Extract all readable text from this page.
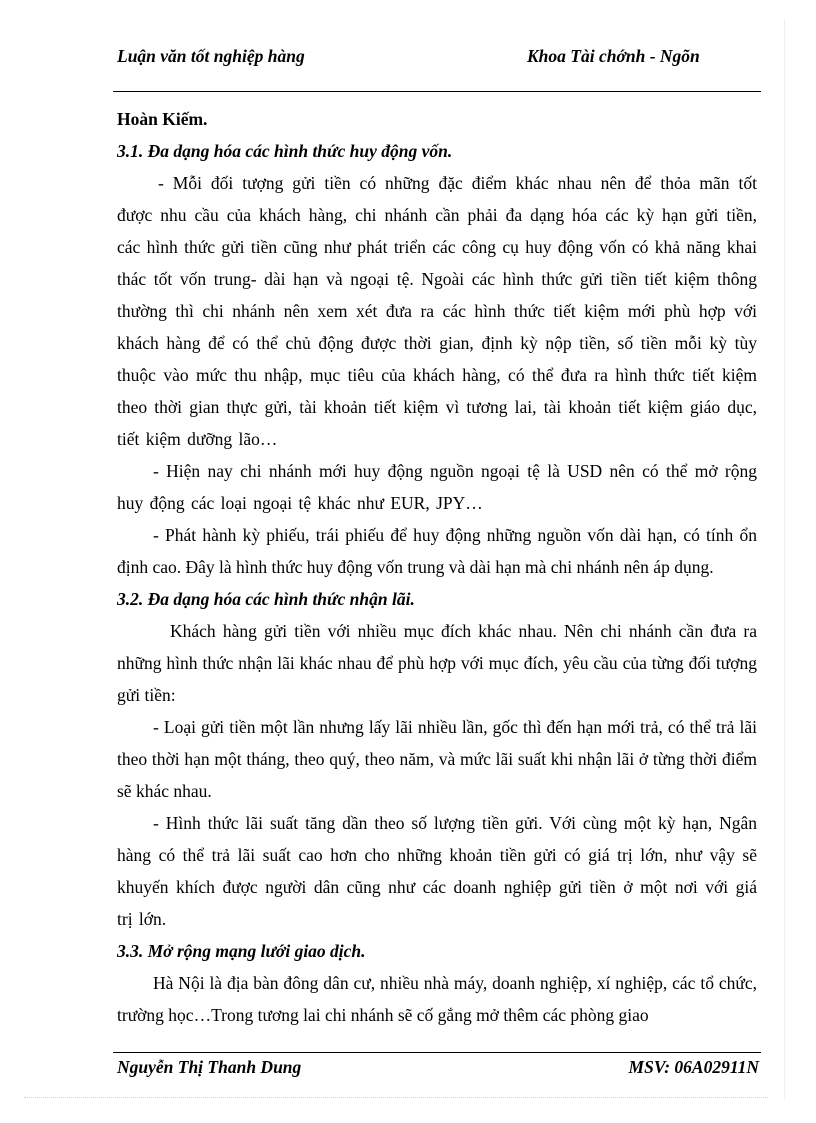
Luận văn tốt nghiệp hàng	Khoa Tài chớnh - Ngõn

Hoàn Kiếm.

3.1. Đa dạng hóa các hình thức huy động vốn.

- Mỗi đối tượng gửi tiền có những đặc điểm khác nhau nên để thỏa mãn tốt được nhu cầu của khách hàng, chi nhánh cần phải đa dạng hóa các kỳ hạn gửi tiền, các hình thức gửi tiền cũng như phát triển các công cụ huy động vốn có khả năng khai thác tốt vốn trung- dài hạn và ngoại tệ. Ngoài các hình thức gửi tiền tiết kiệm thông thường thì chi nhánh nên xem xét đưa ra các hình thức tiết kiệm mới phù hợp với khách hàng để có thể chủ động được thời gian, định kỳ nộp tiền, số tiền mỗi kỳ tùy thuộc vào mức thu nhập, mục tiêu của khách hàng, có thể đưa ra hình thức tiết kiệm theo thời gian thực gửi, tài khoản tiết kiệm vì tương lai, tài khoản tiết kiệm giáo dục, tiết kiệm dưỡng lão…

- Hiện nay chi nhánh mới huy động nguồn ngoại tệ là USD nên có thể mở rộng huy động các loại ngoại tệ khác như EUR, JPY…

- Phát hành kỳ phiếu, trái phiếu để huy động những nguồn vốn dài hạn, có tính ổn định cao. Đây là hình thức huy động vốn trung và dài hạn mà chi nhánh nên áp dụng.

3.2. Đa dạng hóa các hình thức nhận lãi.

Khách hàng gửi tiền với nhiều mục đích khác nhau. Nên chi nhánh cần đưa ra những hình thức nhận lãi khác nhau để phù hợp với mục đích, yêu cầu của từng đối tượng gửi tiền:

- Loại gửi tiền một lần nhưng lấy lãi nhiều lần, gốc thì đến hạn mới trả, có thể trả lãi theo thời hạn một tháng, theo quý, theo năm, và mức lãi suất khi nhận lãi ở từng thời điểm sẽ khác nhau.

- Hình thức lãi suất tăng dần theo số lượng tiền gửi. Với cùng một kỳ hạn, Ngân hàng có thể trả lãi suất cao hơn cho những khoản tiền gửi có giá trị lớn, như vậy sẽ khuyến khích được người dân cũng như các doanh nghiệp gửi tiền ở một nơi với giá trị lớn.

3.3. Mở rộng mạng lưới giao dịch.

Hà Nội là địa bàn đông dân cư, nhiều nhà máy, doanh nghiệp, xí nghiệp, các tổ chức, trường học…Trong tương lai chi nhánh sẽ cố gắng mở thêm các phòng giao

Nguyễn Thị Thanh Dung	MSV: 06A02911N
